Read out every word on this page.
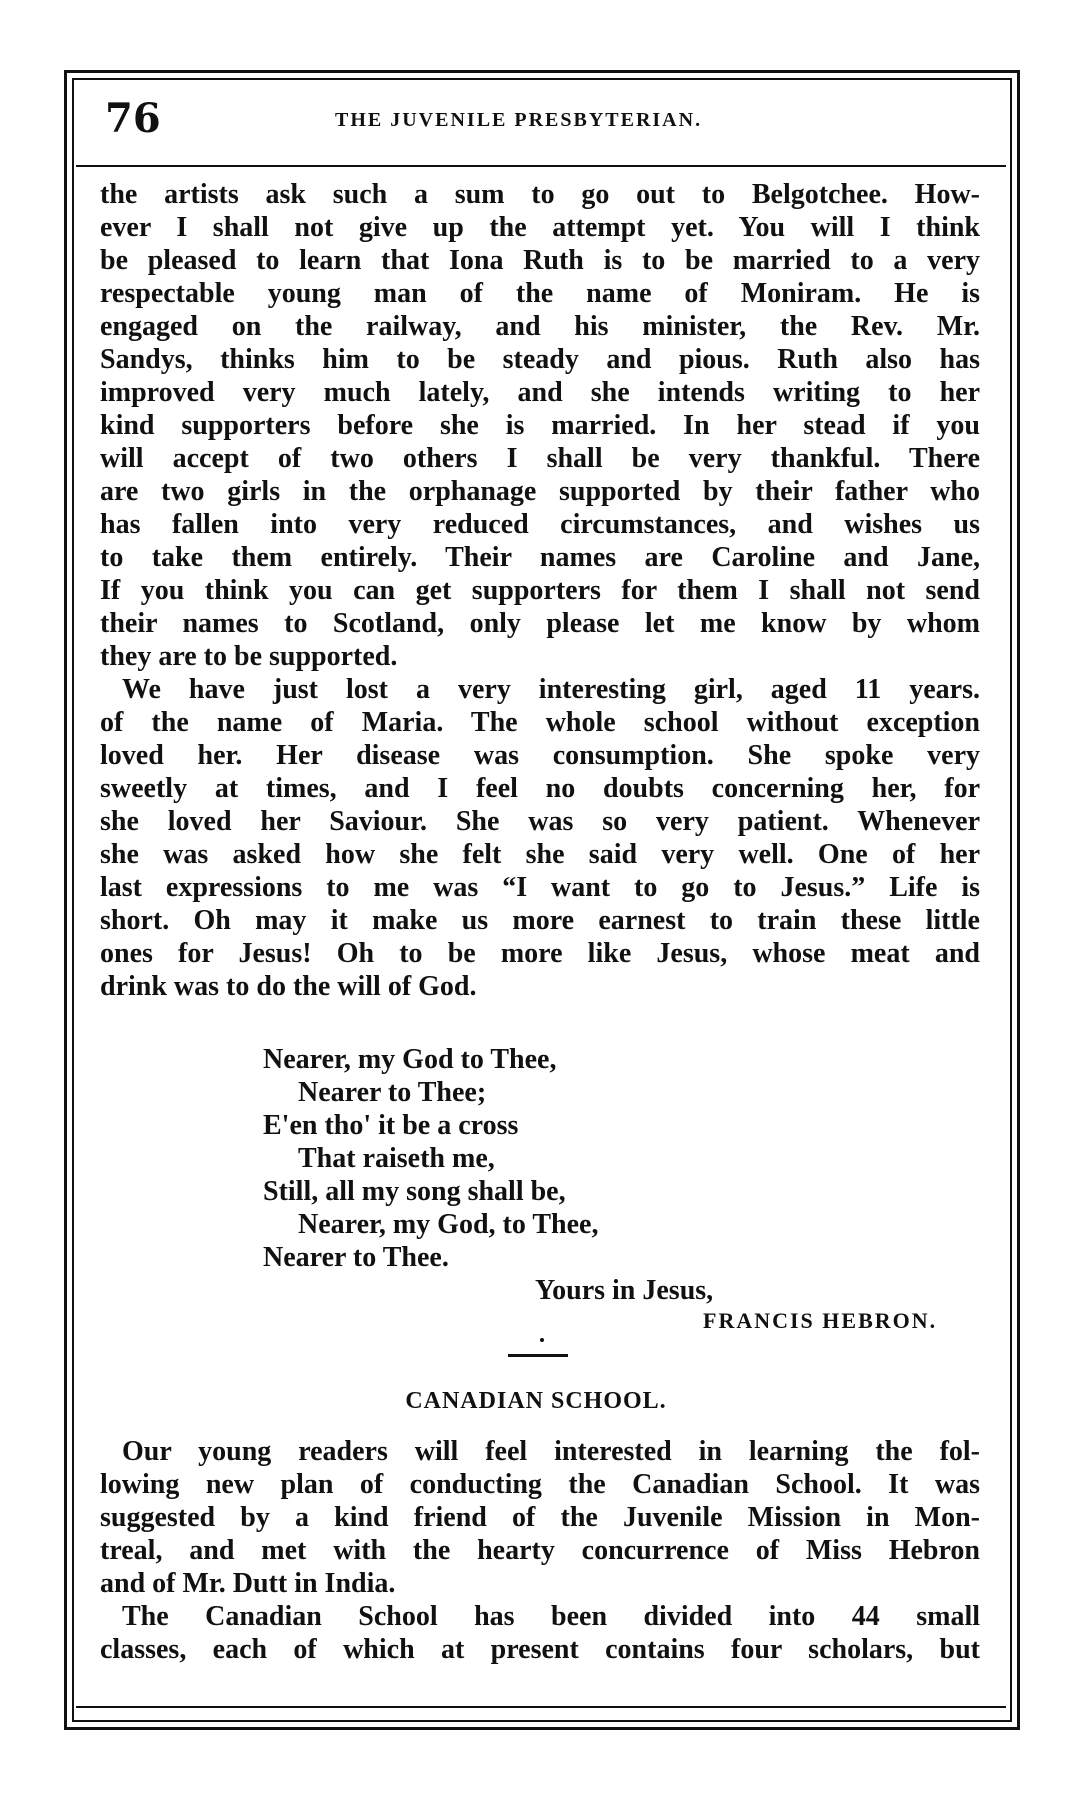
76	THE JUVENILE PRESBYTERIAN.
the artists ask such a sum to go out to Belgotchee. How-
ever I shall not give up the attempt yet. You will I think
be pleased to learn that Iona Ruth is to be married to a very
respectable young man of the name of Moniram. He is
engaged on the railway, and his minister, the Rev. Mr.
Sandys, thinks him to be steady and pious. Ruth also has
improved very much lately, and she intends writing to her
kind supporters before she is married. In her stead if you
will accept of two others I shall be very thankful. There
are two girls in the orphanage supported by their father who
has fallen into very reduced circumstances, and wishes us
to take them entirely. Their names are Caroline and Jane,
If you think you can get supporters for them I shall not send
their names to Scotland, only please let me know by whom
they are to be supported.
We have just lost a very interesting girl, aged 11 years.
of the name of Maria. The whole school without exception
loved her. Her disease was consumption. She spoke very
sweetly at times, and I feel no doubts concerning her, for
she loved her Saviour. She was so very patient. Whenever
she was asked how she felt she said very well. One of her
last expressions to me was “I want to go to Jesus.” Life is
short. Oh may it make us more earnest to train these little
ones for Jesus! Oh to be more like Jesus, whose meat and
drink was to do the will of God.
Nearer, my God to Thee,
Nearer to Thee;
E'en tho' it be a cross
That raiseth me,
Still, all my song shall be,
Nearer, my God, to Thee,
Nearer to Thee.
Yours in Jesus,
FRANCIS HEBRON.
CANADIAN SCHOOL.
Our young readers will feel interested in learning the fol-
lowing new plan of conducting the Canadian School. It was
suggested by a kind friend of the Juvenile Mission in Mon-
treal, and met with the hearty concurrence of Miss Hebron
and of Mr. Dutt in India.
The Canadian School has been divided into 44 small
classes, each of which at present contains four scholars, but
